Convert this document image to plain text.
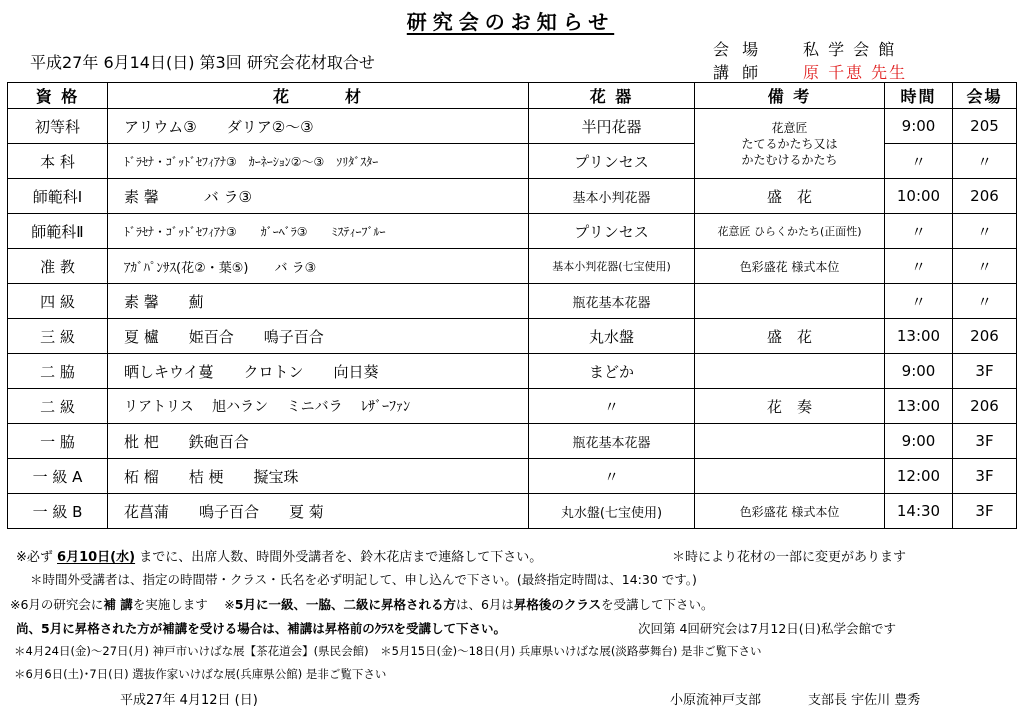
研究会のお知らせ
平成27年 6月14日(日) 第3回 研究会花材取合せ
会 場	私 学 会 館
講 師	原 千恵 先生
資 格	花　　　材	花 器	備 考	時間	会場
初等科	アリウム③　　ダリア②～③	半円花器	花意匠
たてるかたち又は
かたむけるかたち	9:00	205
本 科	ﾄﾞﾗｾﾅ・ｺﾞｯﾄﾞｾﾌｨｱﾅ③　ｶｰﾈｰｼｮﾝ②～③　ｿﾘﾀﾞｽﾀｰ	プリンセス		〃	〃
師範科Ⅰ	素 馨　　　バ ラ③	基本小判花器	盛　花	10:00	206
師範科Ⅱ	ﾄﾞﾗｾﾅ・ｺﾞｯﾄﾞｾﾌｨｱﾅ③　　ｶﾞｰﾍﾞﾗ③　　ﾐｽﾃｨｰﾌﾞﾙｰ	プリンセス	花意匠 ひらくかたち(正面性)	〃	〃
准 教	ｱｶﾞﾊﾟﾝｻｽ(花②・葉⑤)　　バ ラ③	基本小判花器(七宝使用)	色彩盛花 様式本位	〃	〃
四 級	素 馨　　薊	瓶花基本花器		〃	〃
三 級	夏 櫨　　姫百合　　鳴子百合	丸水盤	盛　花	13:00	206
二 脇	晒しキウイ蔓　　クロトン　　向日葵	まどか		9:00	3F
二 級	リアトリス　 旭ハラン　 ミニバラ　 ﾚｻﾞｰﾌｧﾝ	〃	花　奏	13:00	206
一 脇	枇 杷　　鉄砲百合	瓶花基本花器		9:00	3F
一 級 A	柘 榴　　桔 梗　　擬宝珠	〃		12:00	3F
一 級 B	花菖蒲　　鳴子百合　　夏 菊	丸水盤(七宝使用)	色彩盛花 様式本位	14:30	3F
※必ず 6月10日(水) までに、出席人数、時間外受講者を、鈴木花店まで連絡して下さい。	＊時により花材の一部に変更があります
＊時間外受講者は、指定の時間帯・クラス・氏名を必ず明記して、申し込んで下さい。(最終指定時間は、14:30 です。)
※6月の研究会に補 講を実施します　 ※5月に一級、一脇、二級に昇格される方は、6月は昇格後のクラスを受講して下さい。
尚、5月に昇格された方が補講を受ける場合は、補講は昇格前のｸﾗｽを受講して下さい。	次回第 4回研究会は7月12日(日)私学会館です
＊4月24日(金)～27日(月) 神戸市いけばな展【茶花道会】(県民会館)　＊5月15日(金)～18日(月) 兵庫県いけばな展(淡路夢舞台) 是非ご覧下さい
＊6月6日(土)･7日(日) 選抜作家いけばな展(兵庫県公館) 是非ご覧下さい
平成27年 4月12日 (日)	小原流神戸支部	支部長 宇佐川 豊秀
